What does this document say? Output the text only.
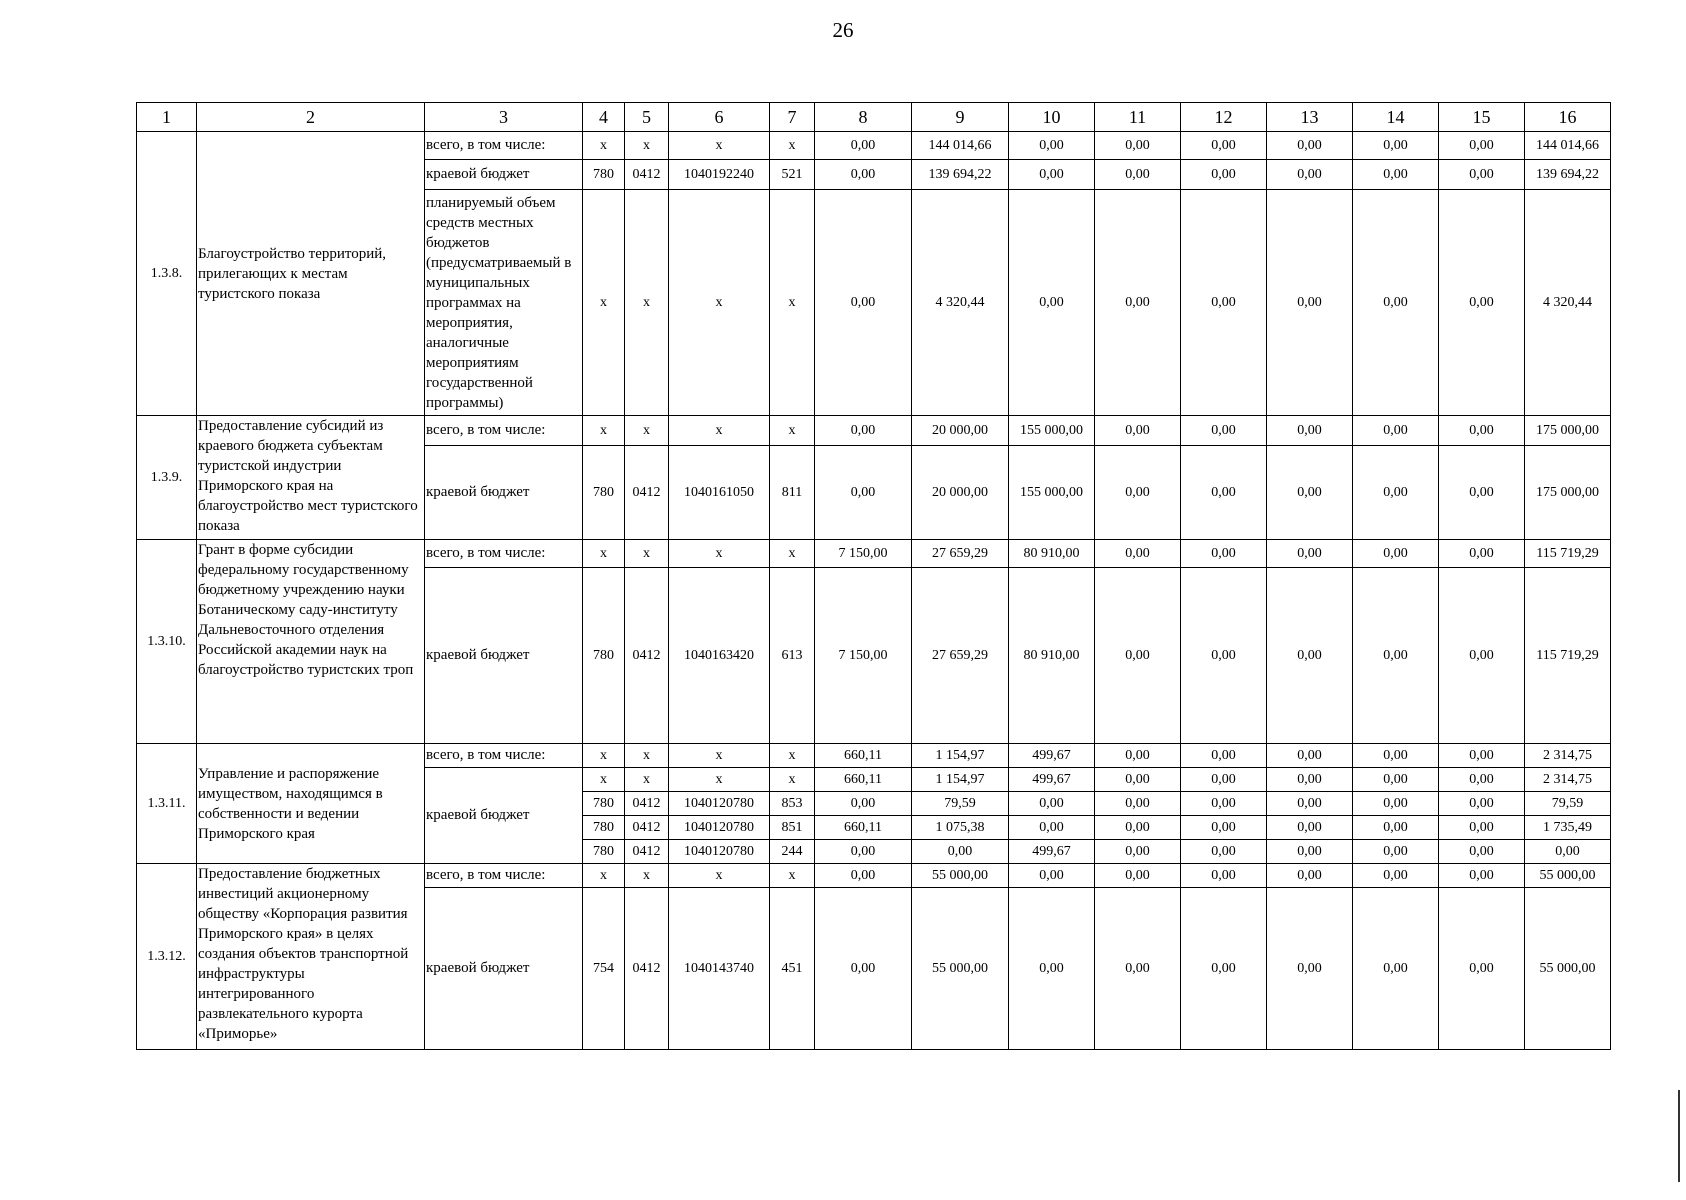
26
1	2	3	4	5	6	7	8	9	10	11	12	13	14	15	16
1.3.8.	Благоустройство территорий, прилегающих к местам туристского показа	всего, в том числе:	x	x	x	x	0,00	144 014,66	0,00	0,00	0,00	0,00	0,00	0,00	144 014,66
		краевой бюджет	780	0412	1040192240	521	0,00	139 694,22	0,00	0,00	0,00	0,00	0,00	0,00	139 694,22
		планируемый объем средств местных бюджетов (предусматриваемый в муниципальных программах на мероприятия, аналогичные мероприятиям государственной программы)	x	x	x	x	0,00	4 320,44	0,00	0,00	0,00	0,00	0,00	0,00	4 320,44
1.3.9.	Предоставление субсидий из краевого бюджета субъектам туристской индустрии Приморского края на благоустройство мест туристского показа	всего, в том числе:	x	x	x	x	0,00	20 000,00	155 000,00	0,00	0,00	0,00	0,00	0,00	175 000,00
		краевой бюджет	780	0412	1040161050	811	0,00	20 000,00	155 000,00	0,00	0,00	0,00	0,00	0,00	175 000,00
1.3.10.	Грант в форме субсидии федеральному государственному бюджетному учреждению науки Ботаническому саду-институту Дальневосточного отделения Российской академии наук на благоустройство туристских троп	всего, в том числе:	x	x	x	x	7 150,00	27 659,29	80 910,00	0,00	0,00	0,00	0,00	0,00	115 719,29
		краевой бюджет	780	0412	1040163420	613	7 150,00	27 659,29	80 910,00	0,00	0,00	0,00	0,00	0,00	115 719,29
1.3.11.	Управление и распоряжение имуществом, находящимся в собственности и ведении Приморского края	всего, в том числе:	x	x	x	x	660,11	1 154,97	499,67	0,00	0,00	0,00	0,00	0,00	2 314,75
		краевой бюджет	x	x	x	x	660,11	1 154,97	499,67	0,00	0,00	0,00	0,00	0,00	2 314,75
			780	0412	1040120780	853	0,00	79,59	0,00	0,00	0,00	0,00	0,00	0,00	79,59
			780	0412	1040120780	851	660,11	1 075,38	0,00	0,00	0,00	0,00	0,00	0,00	1 735,49
			780	0412	1040120780	244	0,00	0,00	499,67	0,00	0,00	0,00	0,00	0,00	0,00
1.3.12.	Предоставление бюджетных инвестиций акционерному обществу «Корпорация развития Приморского края» в целях создания объектов транспортной инфраструктуры интегрированного развлекательного курорта «Приморье»	всего, в том числе:	x	x	x	x	0,00	55 000,00	0,00	0,00	0,00	0,00	0,00	0,00	55 000,00
		краевой бюджет	754	0412	1040143740	451	0,00	55 000,00	0,00	0,00	0,00	0,00	0,00	0,00	55 000,00
